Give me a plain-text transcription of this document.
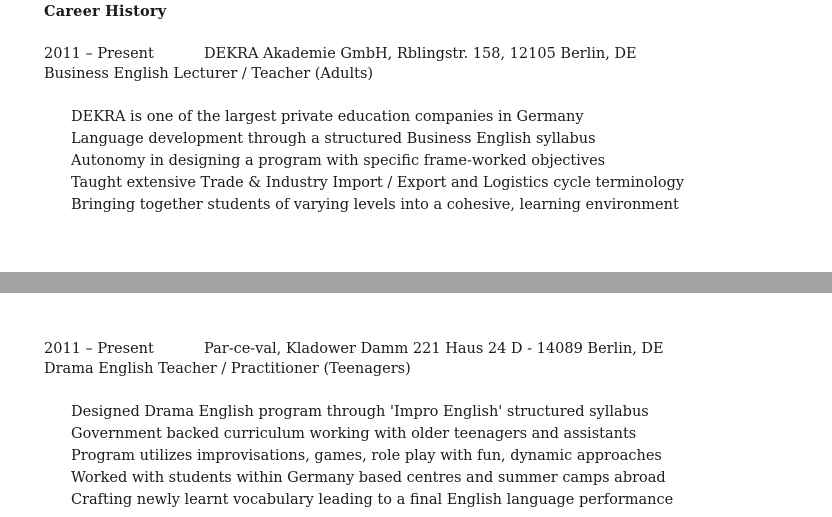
Career History
2011 – Present	DEKRA Akademie GmbH, Rblingstr. 158, 12105 Berlin, DE
Business English Lecturer / Teacher (Adults)
DEKRA is one of the largest private education companies in Germany
Language development through a structured Business English syllabus
Autonomy in designing a program with specific frame-worked objectives
Taught extensive Trade & Industry Import / Export and Logistics cycle terminology
Bringing together students of varying levels into a cohesive, learning environment
2011 – Present	Par-ce-val, Kladower Damm 221 Haus 24 D - 14089 Berlin, DE
Drama English Teacher / Practitioner (Teenagers)
Designed Drama English program through 'Impro English' structured syllabus
Government backed curriculum working with older teenagers and assistants
Program utilizes improvisations, games, role play with fun, dynamic approaches
Worked with students within Germany based centres and summer camps abroad
Crafting newly learnt vocabulary leading to a final English language performance
